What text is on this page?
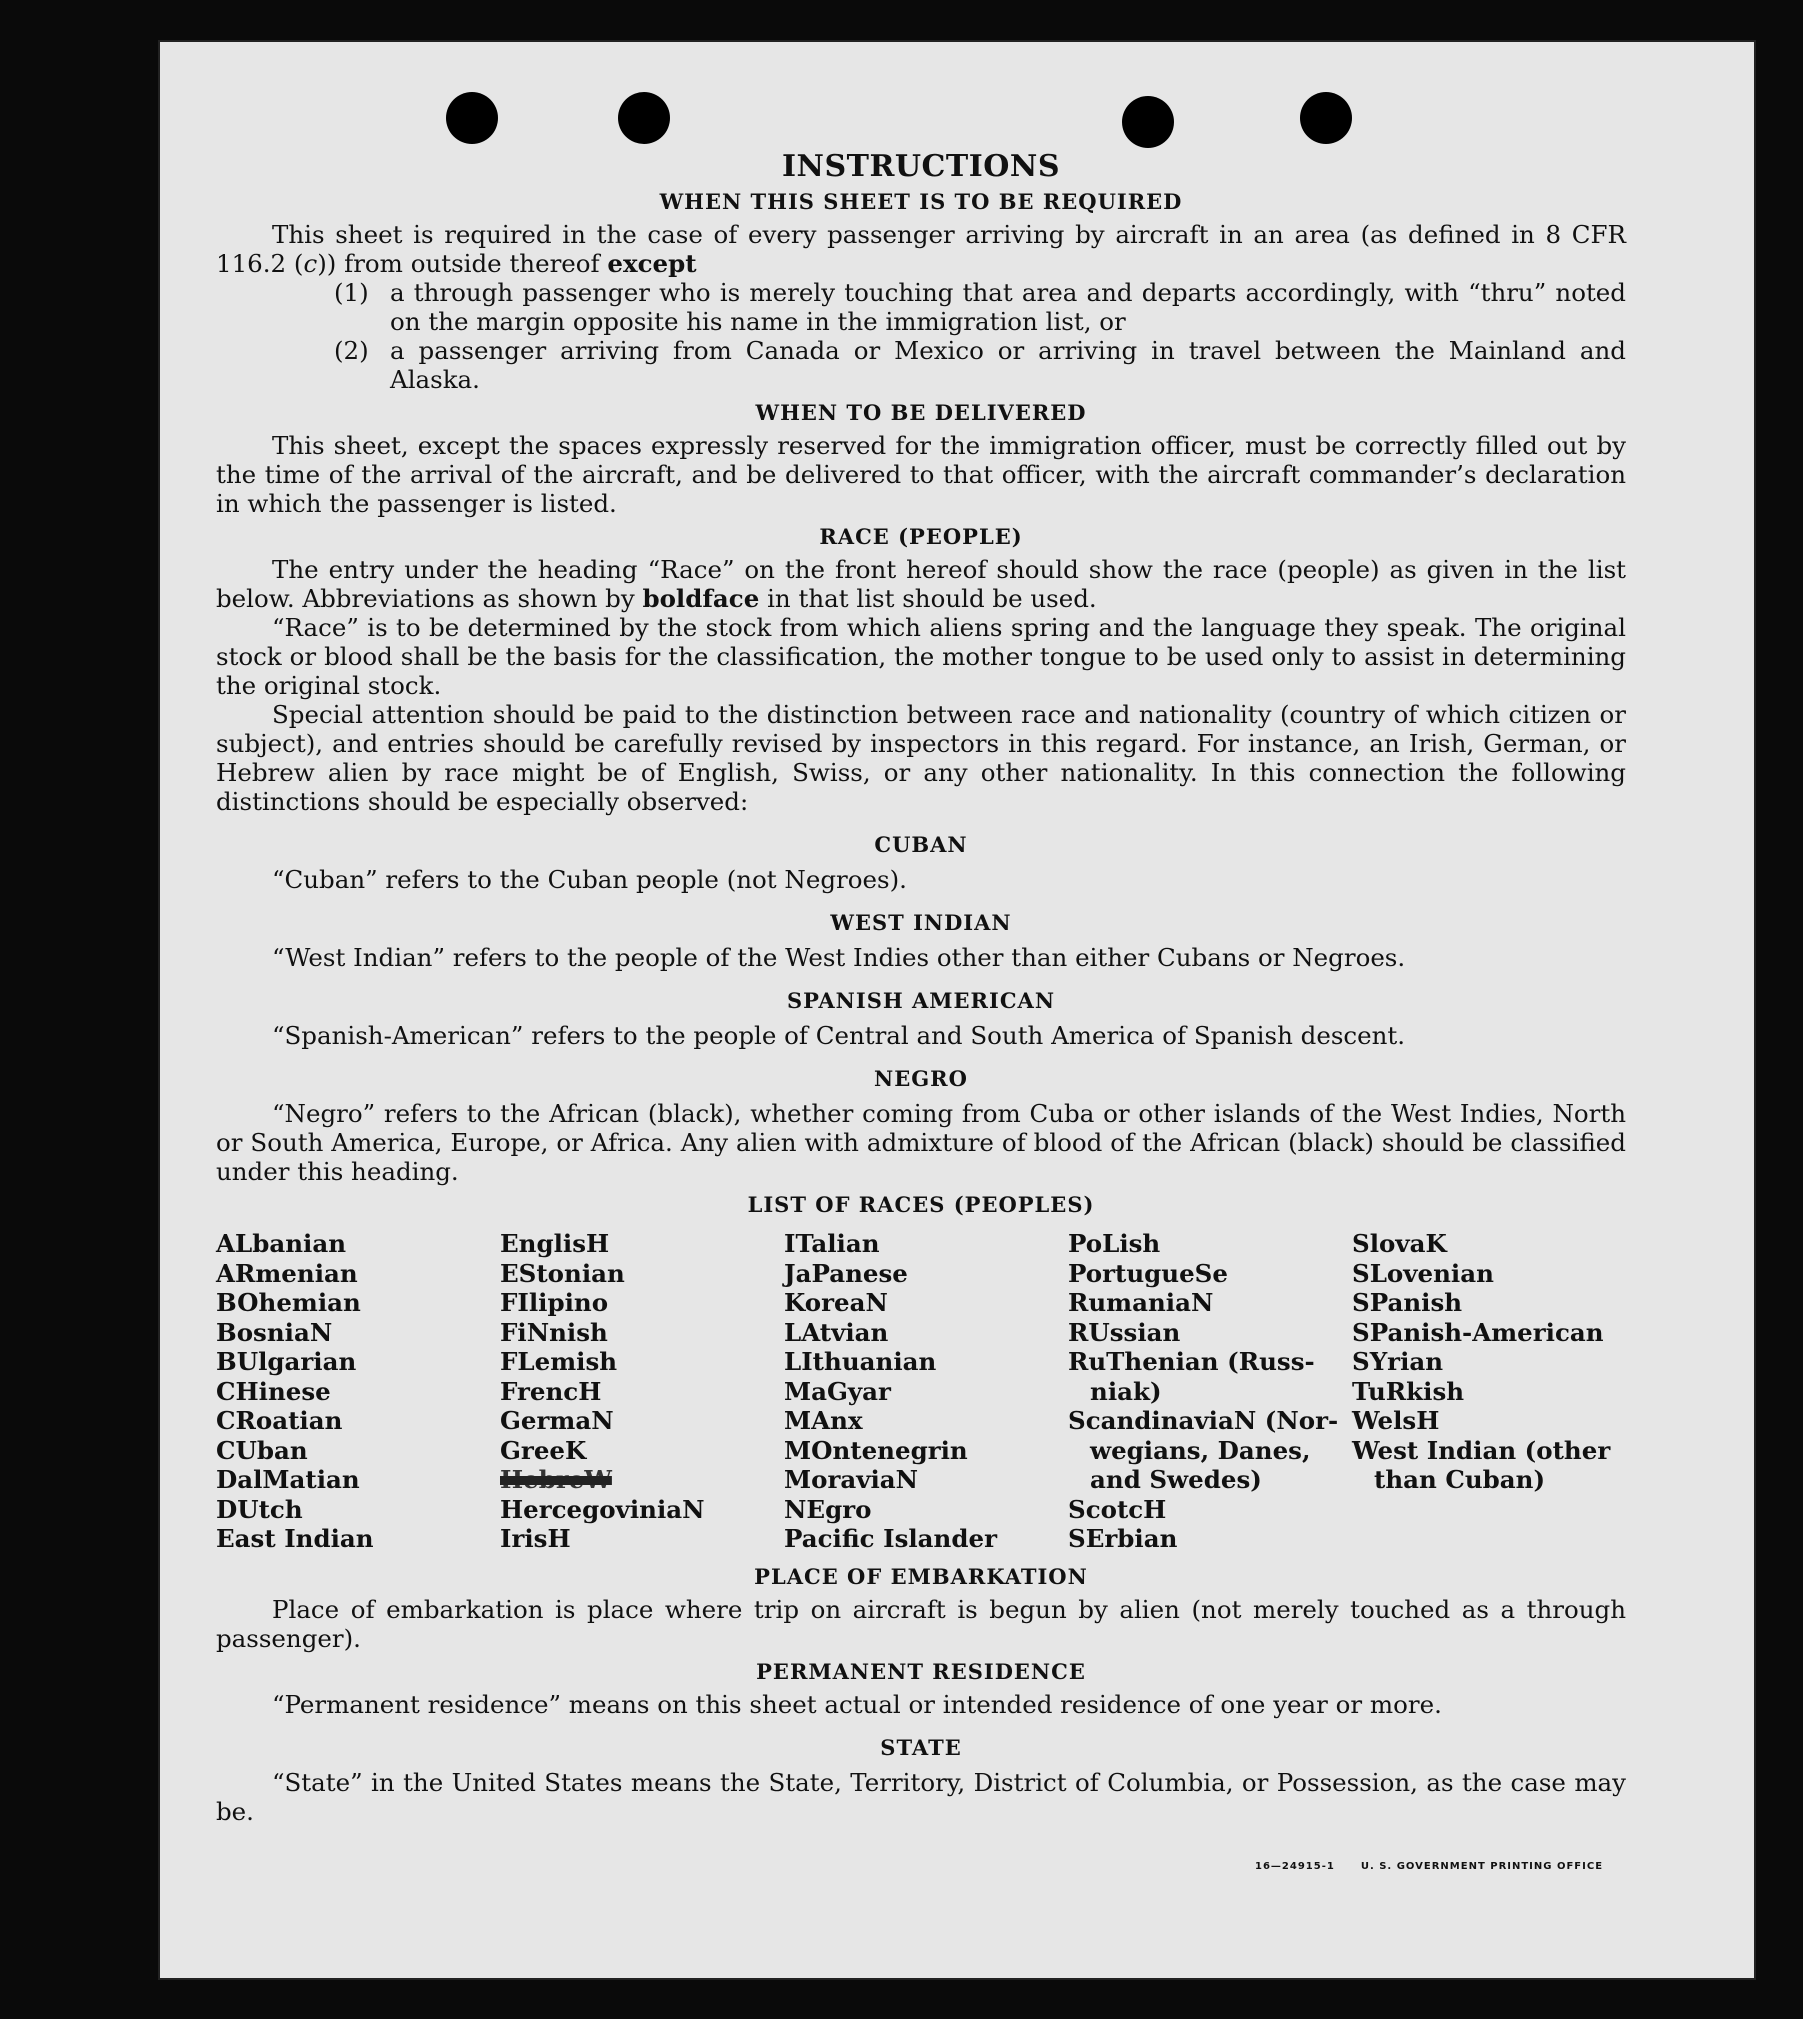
INSTRUCTIONS
WHEN THIS SHEET IS TO BE REQUIRED

This sheet is required in the case of every passenger arriving by aircraft in an area (as defined in 8 CFR 116.2 (c)) from outside thereof except

(1) a through passenger who is merely touching that area and departs accordingly, with “thru” noted on the margin opposite his name in the immigration list, or
(2) a passenger arriving from Canada or Mexico or arriving in travel between the Mainland and Alaska.
WHEN TO BE DELIVERED

This sheet, except the spaces expressly reserved for the immigration officer, must be correctly filled out by the time of the arrival of the aircraft, and be delivered to that officer, with the aircraft commander’s declaration in which the passenger is listed.

RACE (PEOPLE)

The entry under the heading “Race” on the front hereof should show the race (people) as given in the list below. Abbreviations as shown by boldface in that list should be used.

“Race” is to be determined by the stock from which aliens spring and the language they speak. The original stock or blood shall be the basis for the classification, the mother tongue to be used only to assist in determining the original stock.

Special attention should be paid to the distinction between race and nationality (country of which citizen or subject), and entries should be carefully revised by inspectors in this regard. For instance, an Irish, German, or Hebrew alien by race might be of English, Swiss, or any other nationality. In this connection the following distinctions should be especially observed:

CUBAN

“Cuban” refers to the Cuban people (not Negroes).

WEST INDIAN

“West Indian” refers to the people of the West Indies other than either Cubans or Negroes.

SPANISH AMERICAN

“Spanish-American” refers to the people of Central and South America of Spanish descent.

NEGRO

“Negro” refers to the African (black), whether coming from Cuba or other islands of the West Indies, North or South America, Europe, or Africa. Any alien with admixture of blood of the African (black) should be classified under this heading.

LIST OF RACES (PEOPLES)
ALbanian
ARmenian
BOhemian
BosniaN
BUlgarian
CHinese
CRoatian
CUban
DalMatian
DUtch
East Indian
EnglisH
EStonian
FIlipino
FiNnish
FLemish
FrencH
GermaN
GreeK
HebreW
HercegoviniaN
IrisH
ITalian
JaPanese
KoreaN
LAtvian
LIthuanian
MaGyar
MAnx
MOntenegrin
MoraviaN
NEgro
Pacific Islander
PoLish
PortugueSe
RumaniaN
RUssian
RuThenian (Russ-
niak)
ScandinaviaN (Nor-
wegians, Danes,
and Swedes)
ScotcH
SErbian
SlovaK
SLovenian
SPanish
SPanish-American
SYrian
TuRkish
WelsH
West Indian (other
than Cuban)
PLACE OF EMBARKATION

Place of embarkation is place where trip on aircraft is begun by alien (not merely touched as a through passenger).

PERMANENT RESIDENCE

“Permanent residence” means on this sheet actual or intended residence of one year or more.

STATE

“State” in the United States means the State, Territory, District of Columbia, or Possession, as the case may be.

16—24915-1	U. S. GOVERNMENT PRINTING OFFICE
